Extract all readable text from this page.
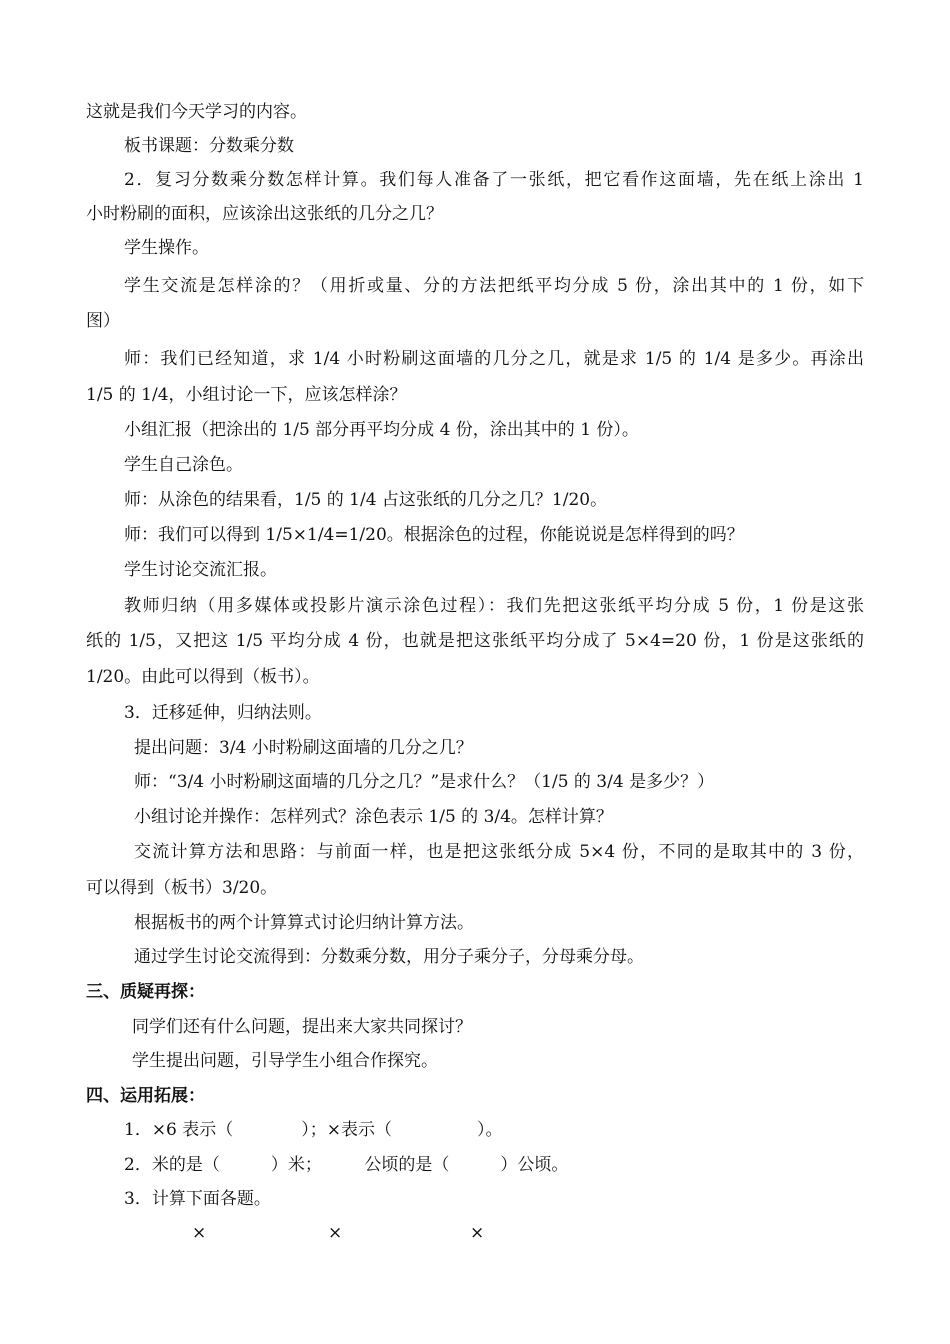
这就是我们今天学习的内容。
板书课题：分数乘分数
2．复习分数乘分数怎样计算。我们每人准备了一张纸，把它看作这面墙，先在纸上涂出 1
小时粉刷的面积，应该涂出这张纸的几分之几？
学生操作。
学生交流是怎样涂的？（用折或量、分的方法把纸平均分成 5 份，涂出其中的 1 份，如下
图）
师：我们已经知道，求 1/4 小时粉刷这面墙的几分之几，就是求 1/5 的 1/4 是多少。再涂出
1/5 的 1/4，小组讨论一下，应该怎样涂？
小组汇报（把涂出的 1/5 部分再平均分成 4 份，涂出其中的 1 份）。
学生自己涂色。
师：从涂色的结果看，1/5 的 1/4 占这张纸的几分之几？1/20。
师：我们可以得到 1/5×1/4=1/20。根据涂色的过程，你能说说是怎样得到的吗？
学生讨论交流汇报。
教师归纳（用多媒体或投影片演示涂色过程）：我们先把这张纸平均分成 5 份，1 份是这张
纸的 1/5，又把这 1/5 平均分成 4 份，也就是把这张纸平均分成了 5×4=20 份，1 份是这张纸的
1/20。由此可以得到（板书）。
3．迁移延伸，归纳法则。
提出问题：3/4 小时粉刷这面墙的几分之几？
师：“3/4 小时粉刷这面墙的几分之几？”是求什么？（1/5 的 3/4 是多少？）
小组讨论并操作：怎样列式？涂色表示 1/5 的 3/4。怎样计算？
交流计算方法和思路：与前面一样，也是把这张纸分成 5×4 份，不同的是取其中的 3 份，
可以得到（板书）3/20。
根据板书的两个计算算式讨论归纳计算方法。
通过学生讨论交流得到：分数乘分数，用分子乘分子，分母乘分母。
三、质疑再探：
同学们还有什么问题，提出来大家共同探讨？
学生提出问题，引导学生小组合作探究。
四、运用拓展：
1．×6 表示（　　　　）；×表示（　　　　　）。
2．米的是（　　　）米；　　　公顷的是（　　　）公顷。
3．计算下面各题。
×	×	×
